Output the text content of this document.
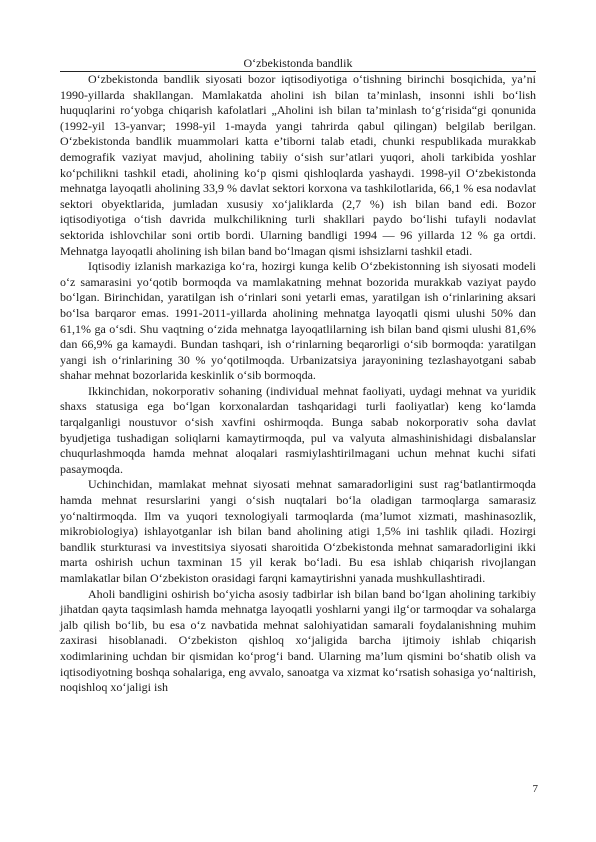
O‘zbekistonda bandlik

O‘zbekistonda bandlik siyosati bozor iqtisodiyotiga o‘tishning birinchi bosqichida, ya’ni 1990-yillarda shakllangan. Mamlakatda aholini ish bilan ta’minlash, insonni ishli bo‘lish huquqlarini ro‘yobga chiqarish kafolatlari „Aholini ish bilan ta’minlash to‘g‘risida“gi qonunida (1992-yil 13-yanvar; 1998-yil 1-mayda yangi tahrirda qabul qilingan) belgilab berilgan. O‘zbekistonda bandlik muammolari katta e’tiborni talab etadi, chunki respublikada murakkab demografik vaziyat mavjud, aholining tabiiy o‘sish sur’atlari yuqori, aholi tarkibida yoshlar ko‘pchilikni tashkil etadi, aholining ko‘p qismi qishloqlarda yashaydi. 1998-yil O‘zbekistonda mehnatga layoqatli aholining 33,9 % davlat sektori korxona va tashkilotlarida, 66,1 % esa nodavlat sektori obyektlarida, jumladan xususiy xo‘jaliklarda (2,7 %) ish bilan band edi. Bozor iqtisodiyotiga o‘tish davrida mulkchilikning turli shakllari paydo bo‘lishi tufayli nodavlat sektorida ishlovchilar soni ortib bordi. Ularning bandligi 1994 — 96 yillarda 12 % ga ortdi. Mehnatga layoqatli aholining ish bilan band bo‘lmagan qismi ishsizlarni tashkil etadi.

Iqtisodiy izlanish markaziga ko‘ra, hozirgi kunga kelib O‘zbekistonning ish siyosati modeli o‘z samarasini yo‘qotib bormoqda va mamlakatning mehnat bozorida murakkab vaziyat paydo bo‘lgan. Birinchidan, yaratilgan ish o‘rinlari soni yetarli emas, yaratilgan ish o‘rinlarining aksari bo‘lsa barqaror emas. 1991-2011-yillarda aholining mehnatga layoqatli qismi ulushi 50% dan 61,1% ga o‘sdi. Shu vaqtning o‘zida mehnatga layoqatlilarning ish bilan band qismi ulushi 81,6% dan 66,9% ga kamaydi. Bundan tashqari, ish o‘rinlarning beqarorligi o‘sib bormoqda: yaratilgan yangi ish o‘rinlarining 30 % yo‘qotilmoqda. Urbanizatsiya jarayonining tezlashayotgani sabab shahar mehnat bozorlarida keskinlik o‘sib bormoqda.

Ikkinchidan, nokorporativ sohaning (individual mehnat faoliyati, uydagi mehnat va yuridik shaxs statusiga ega bo‘lgan korxonalardan tashqaridagi turli faoliyatlar) keng ko‘lamda tarqalganligi noustuvor o‘sish xavfini oshirmoqda. Bunga sabab nokorporativ soha davlat byudjetiga tushadigan soliqlarni kamaytirmoqda, pul va valyuta almashinishidagi disbalanslar chuqurlashmoqda hamda mehnat aloqalari rasmiylashtirilmagani uchun mehnat kuchi sifati pasaymoqda.

Uchinchidan, mamlakat mehnat siyosati mehnat samaradorligini sust rag‘batlantirmoqda hamda mehnat resurslarini yangi o‘sish nuqtalari bo‘la oladigan tarmoqlarga samarasiz yo‘naltirmoqda. Ilm va yuqori texnologiyali tarmoqlarda (ma’lumot xizmati, mashinasozlik, mikrobiologiya) ishlayotganlar ish bilan band aholining atigi 1,5% ini tashlik qiladi. Hozirgi bandlik sturkturasi va investitsiya siyosati sharoitida O‘zbekistonda mehnat samaradorligini ikki marta oshirish uchun taxminan 15 yil kerak bo‘ladi. Bu esa ishlab chiqarish rivojlangan mamlakatlar bilan O‘zbekiston orasidagi farqni kamaytirishni yanada mushkullashtiradi.

Aholi bandligini oshirish bo‘yicha asosiy tadbirlar ish bilan band bo‘lgan aholining tarkibiy jihatdan qayta taqsimlash hamda mehnatga layoqatli yoshlarni yangi ilg‘or tarmoqdar va sohalarga jalb qilish bo‘lib, bu esa o‘z navbatida mehnat salohiyatidan samarali foydalanishning muhim zaxirasi hisoblanadi. O‘zbekiston qishloq xo‘jaligida barcha ijtimoiy ishlab chiqarish xodimlarining uchdan bir qismidan ko‘prog‘i band. Ularning ma’lum qismini bo‘shatib olish va iqtisodiyotning boshqa sohalariga, eng avvalo, sanoatga va xizmat ko‘rsatish sohasiga yo‘naltirish, noqishloq xo‘jaligi ish

7
